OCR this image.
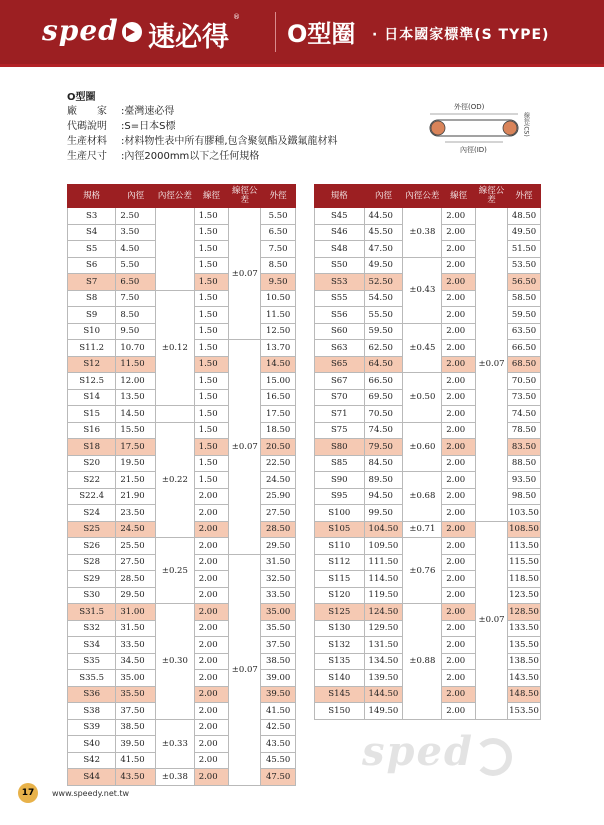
sped 速必得
®
O型圈 · 日本國家標準(S TYPE)
O型圈
廠　　家 :臺灣速必得
代碼說明 :S=日本S標
生產材料 :材料物性表中所有膠種,包含聚氨酯及鐵氟龍材料
生產尺寸 :內徑2000mm以下之任何規格
外徑(OD)
內徑(ID)
線徑(CS)
規格	內徑	內徑公差	線徑	線徑公差	外徑
S3	2.50		1.50	±0.07	5.50
S4	3.50		1.50		6.50
S5	4.50		1.50		7.50
S6	5.50		1.50		8.50
S7	6.50		1.50		9.50
S8	7.50	±0.12	1.50		10.50
S9	8.50		1.50		11.50
S10	9.50		1.50		12.50
S11.2	10.70		1.50	±0.07	13.70
S12	11.50		1.50		14.50
S12.5	12.00		1.50		15.00
S14	13.50		1.50		16.50
S15	14.50		1.50		17.50
S16	15.50	±0.22	1.50		18.50
S18	17.50		1.50		20.50
S20	19.50		1.50		22.50
S22	21.50		1.50		24.50
S22.4	21.90		2.00		25.90
S24	23.50		2.00		27.50
S25	24.50		2.00		28.50
S26	25.50	±0.25	2.00		29.50
S28	27.50		2.00	±0.07	31.50
S29	28.50		2.00		32.50
S30	29.50		2.00		33.50
S31.5	31.00	±0.30	2.00		35.00
S32	31.50		2.00		35.50
S34	33.50		2.00		37.50
S35	34.50		2.00		38.50
S35.5	35.00		2.00		39.00
S36	35.50		2.00		39.50
S38	37.50		2.00		41.50
S39	38.50	±0.33	2.00		42.50
S40	39.50		2.00		43.50
S42	41.50		2.00		45.50
S44	43.50	±0.38	2.00		47.50
規格	內徑	內徑公差	線徑	線徑公差	外徑
S45	44.50	±0.38	2.00	±0.07	48.50
S46	45.50		2.00		49.50
S48	47.50		2.00		51.50
S50	49.50	±0.43	2.00		53.50
S53	52.50		2.00		56.50
S55	54.50		2.00		58.50
S56	55.50		2.00		59.50
S60	59.50	±0.45	2.00		63.50
S63	62.50		2.00		66.50
S65	64.50		2.00		68.50
S67	66.50	±0.50	2.00		70.50
S70	69.50		2.00		73.50
S71	70.50		2.00		74.50
S75	74.50	±0.60	2.00		78.50
S80	79.50		2.00		83.50
S85	84.50		2.00		88.50
S90	89.50	±0.68	2.00		93.50
S95	94.50		2.00		98.50
S100	99.50		2.00		103.50
S105	104.50	±0.71	2.00	±0.07	108.50
S110	109.50	±0.76	2.00		113.50
S112	111.50		2.00		115.50
S115	114.50		2.00		118.50
S120	119.50		2.00		123.50
S125	124.50	±0.88	2.00		128.50
S130	129.50		2.00		133.50
S132	131.50		2.00		135.50
S135	134.50		2.00		138.50
S140	139.50		2.00		143.50
S145	144.50		2.00		148.50
S150	149.50		2.00		153.50
sped
17	www.speedy.net.tw
